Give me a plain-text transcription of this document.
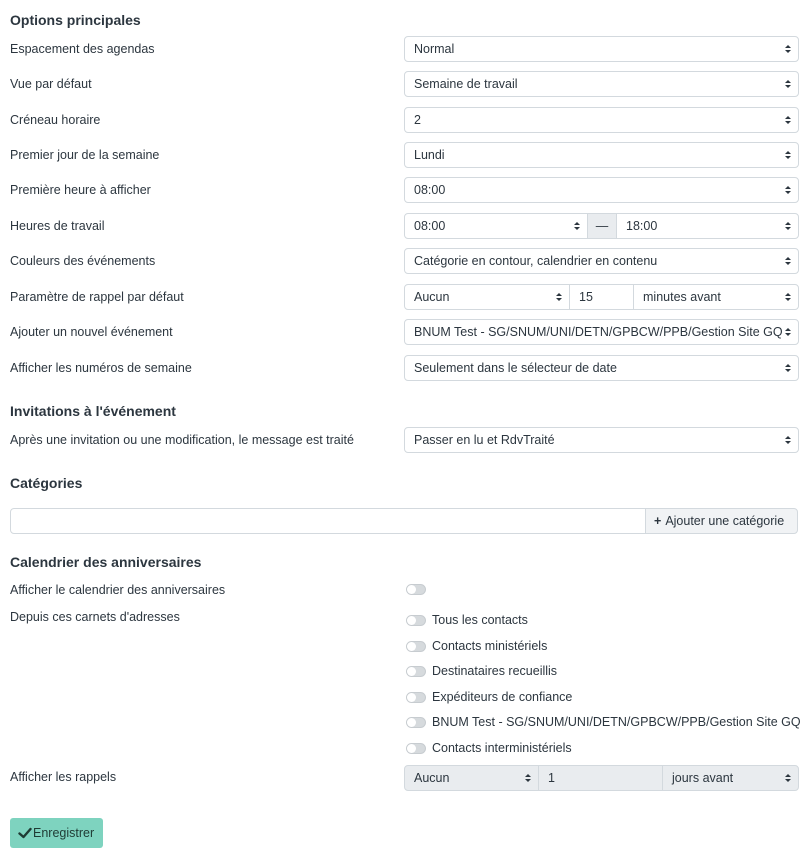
Options principales
Espacement des agendas	Normal
Vue par défaut	Semaine de travail
Créneau horaire	2
Premier jour de la semaine	Lundi
Première heure à afficher	08:00
Heures de travail	08:00	—	18:00
Couleurs des événements	Catégorie en contour, calendrier en contenu
Paramètre de rappel par défaut	Aucun	15	minutes avant
Ajouter un nouvel événement	BNUM Test - SG/SNUM/UNI/DETN/GPBCW/PPB/Gestion Site GQ
Afficher les numéros de semaine	Seulement dans le sélecteur de date
Invitations à l'événement
Après une invitation ou une modification, le message est traité	Passer en lu et RdvTraité
Catégories
+ Ajouter une catégorie
Calendrier des anniversaires
Afficher le calendrier des anniversaires
Depuis ces carnets d'adresses	Tous les contacts
Contacts ministériels
Destinataires recueillis
Expéditeurs de confiance
BNUM Test - SG/SNUM/UNI/DETN/GPBCW/PPB/Gestion Site GQ
Contacts interministériels
Afficher les rappels	Aucun	1	jours avant
Enregistrer
